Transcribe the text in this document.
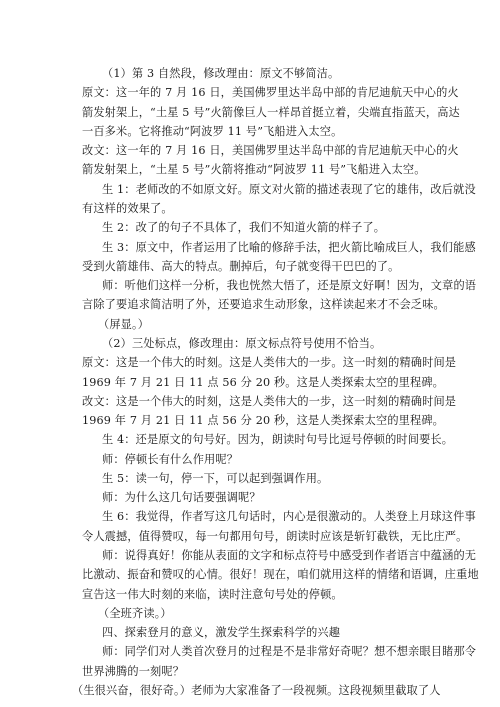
（1）第 3 自然段，修改理由：原文不够简洁。
原文：这一年的 7 月 16 日，美国佛罗里达半岛中部的肯尼迪航天中心的火
箭发射架上，“土星 5 号”火箭像巨人一样昂首挺立着，尖端直指蓝天，高达
一百多米。它将推动“阿波罗 11 号”飞船进入太空。
改文：这一年的 7 月 16 日，美国佛罗里达半岛中部的肯尼迪航天中心的火
箭发射架上，“土星 5 号”火箭将推动“阿波罗 11 号”飞船进入太空。
生 1：老师改的不如原文好。原文对火箭的描述表现了它的雄伟，改后就没
有这样的效果了。
生 2：改了的句子不具体了，我们不知道火箭的样子了。
生 3：原文中，作者运用了比喻的修辞手法，把火箭比喻成巨人，我们能感
受到火箭雄伟、高大的特点。删掉后，句子就变得干巴巴的了。
师：听他们这样一分析，我也恍然大悟了，还是原文好啊！因为，文章的语
言除了要追求简洁明了外，还要追求生动形象，这样读起来才不会乏味。
（屏显。）
（2）三处标点，修改理由：原文标点符号使用不恰当。
原文：这是一个伟大的时刻。这是人类伟大的一步。这一时刻的精确时间是
1969 年 7 月 21 日 11 点 56 分 20 秒。这是人类探索太空的里程碑。
改文：这是一个伟大的时刻，这是人类伟大的一步，这一时刻的精确时间是
1969 年 7 月 21 日 11 点 56 分 20 秒，这是人类探索太空的里程碑。
生 4：还是原文的句号好。因为，朗读时句号比逗号停顿的时间要长。
师：停顿长有什么作用呢？
生 5：读一句，停一下，可以起到强调作用。
师：为什么这几句话要强调呢？
生 6：我觉得，作者写这几句话时，内心是很激动的。人类登上月球这件事
令人震撼，值得赞叹，每一句都用句号，朗读时应该是斩钉截铁，无比庄严。
师：说得真好！你能从表面的文字和标点符号中感受到作者语言中蕴涵的无
比激动、振奋和赞叹的心情。很好！现在，咱们就用这样的情绪和语调，庄重地
宣告这一伟大时刻的来临，读时注意句号处的停顿。
（全班齐读。）
四、探索登月的意义，激发学生探索科学的兴趣
师：同学们对人类首次登月的过程是不是非常好奇呢？想不想亲眼目睹那令
世界沸腾的一刻呢？
（生很兴奋，很好奇。）老师为大家准备了一段视频。这段视频里截取了人
